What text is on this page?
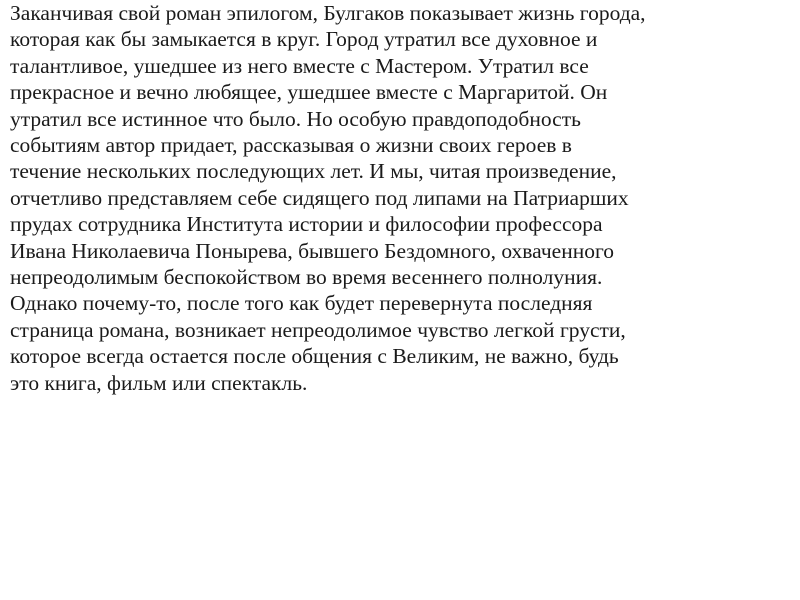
Заканчивая свой роман эпилогом, Булгаков показывает жизнь города,
которая как бы замыкается в круг. Город утратил все духовное и
талантливое, ушедшее из него вместе с Мастером. Утратил все
прекрасное и вечно любящее, ушедшее вместе с Маргаритой. Он
утратил все истинное что было. Но особую правдоподобность
событиям автор придает, рассказывая о жизни своих героев в
течение нескольких последующих лет. И мы, читая произведение,
отчетливо представляем себе сидящего под липами на Патриарших
прудах сотрудника Института истории и философии профессора
Ивана Николаевича Понырева, бывшего Бездомного, охваченного
непреодолимым беспокойством во время весеннего полнолуния.
Однако почему-то, после того как будет перевернута последняя
страница романа, возникает непреодолимое чувство легкой грусти,
которое всегда остается после общения с Великим, не важно, будь
это книга, фильм или спектакль.
